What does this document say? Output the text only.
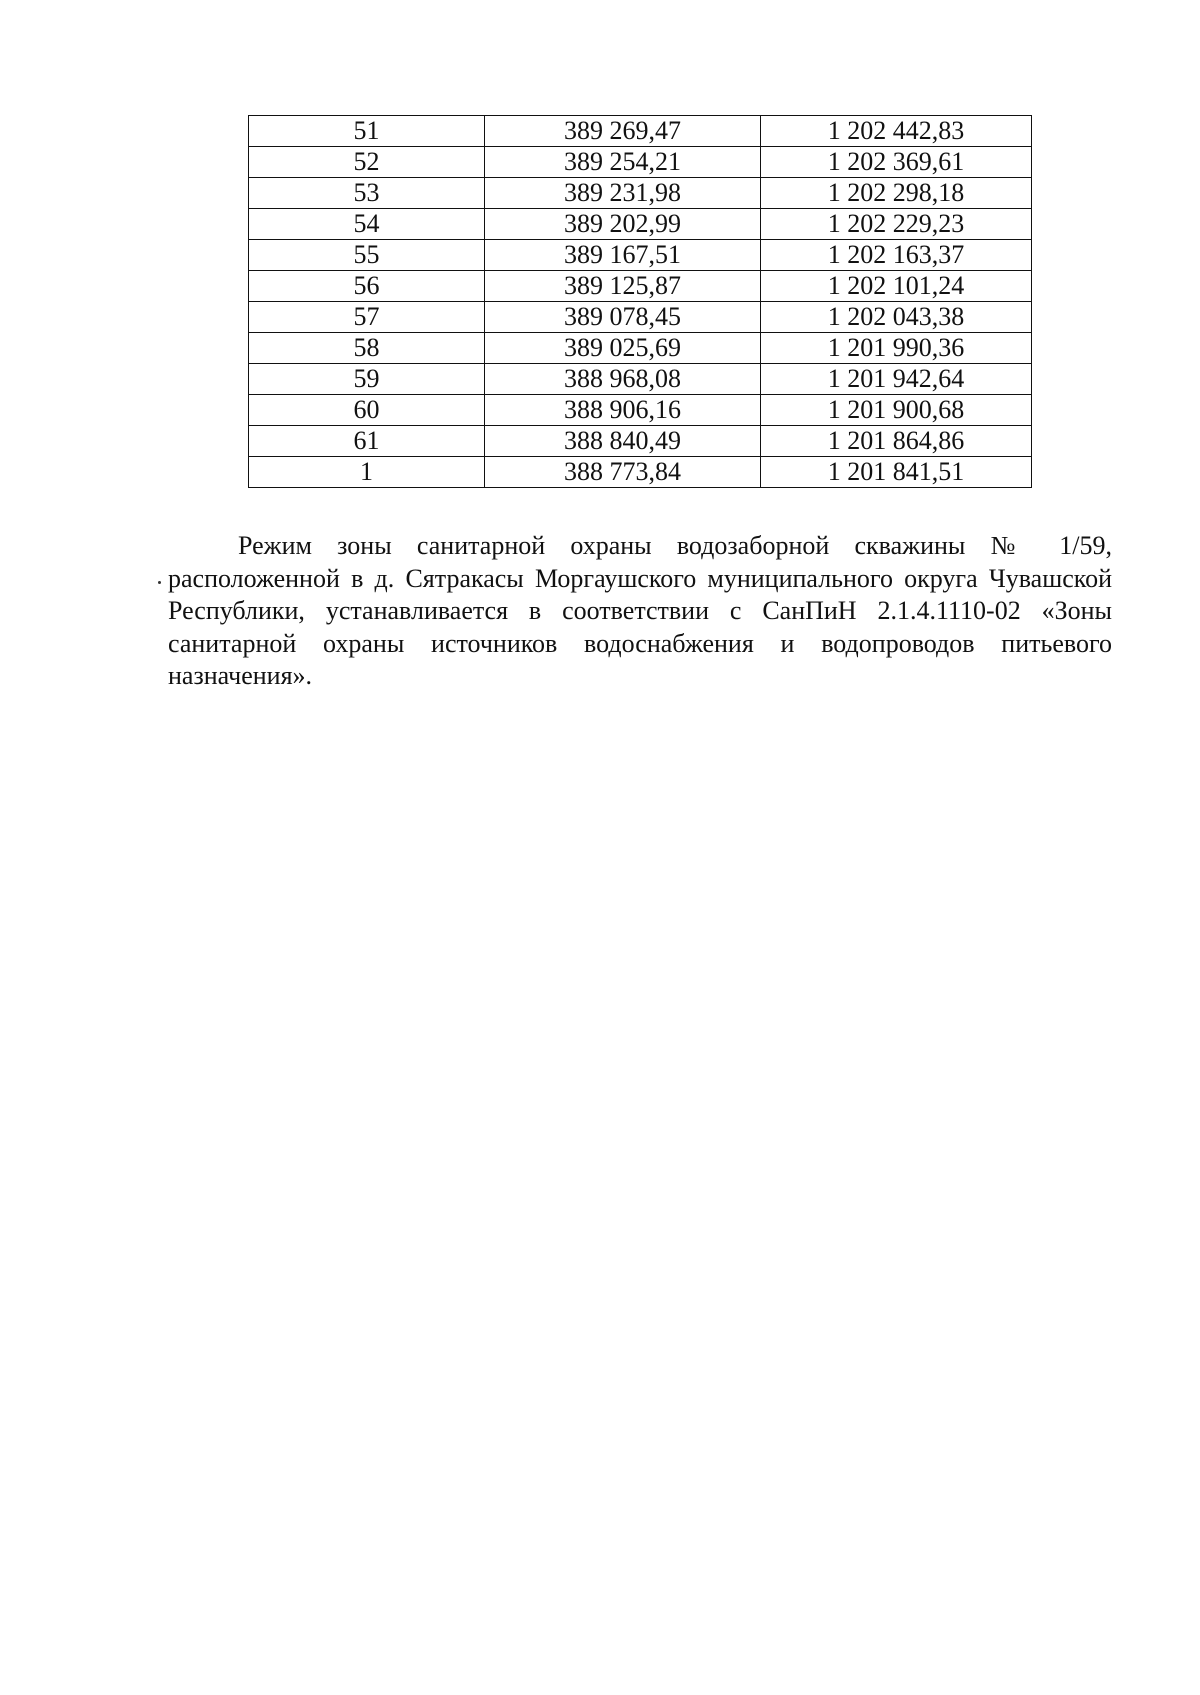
51	389 269,47	1 202 442,83
52	389 254,21	1 202 369,61
53	389 231,98	1 202 298,18
54	389 202,99	1 202 229,23
55	389 167,51	1 202 163,37
56	389 125,87	1 202 101,24
57	389 078,45	1 202 043,38
58	389 025,69	1 201 990,36
59	388 968,08	1 201 942,64
60	388 906,16	1 201 900,68
61	388 840,49	1 201 864,86
1	388 773,84	1 201 841,51

Режим зоны санитарной охраны водозаборной скважины № 1/59, расположенной в д. Сятракасы Моргаушского муниципального округа Чувашской Республики, устанавливается в соответствии с СанПиН 2.1.4.1110-02 «Зоны санитарной охраны источников водоснабжения и водопроводов питьевого назначения».
